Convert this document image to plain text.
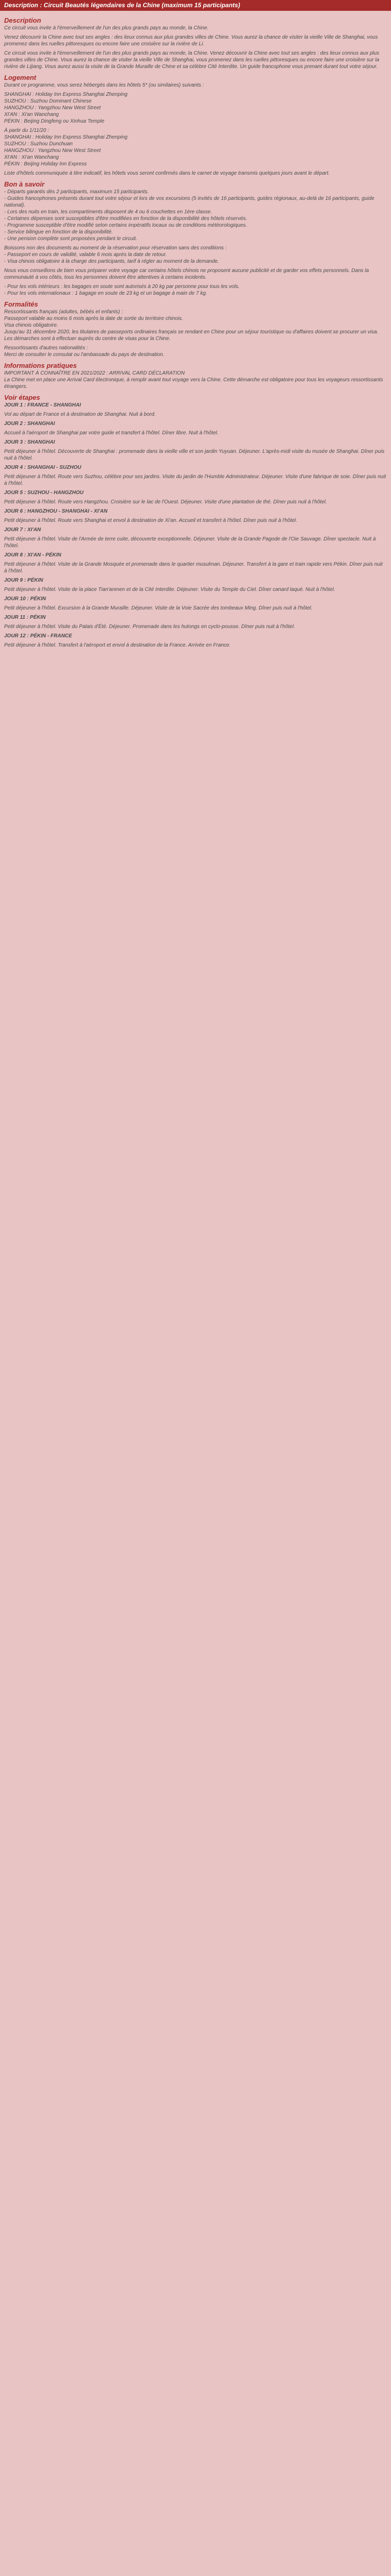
Description : Circuit Beautés légendaires de la Chine (maximum 15 participants)
Description

Ce circuit vous invite à l'émerveillement de l'un des plus grands pays au monde, la Chine.

Venez découvrir la Chine avec tout ses angles : des lieux connus aux plus grandes villes de Chine. Vous aurez la chance de visiter la vieille Ville de Shanghai, vous promenez dans les ruelles pittoresques ou encore faire une croisière sur la rivière de Li.

Ce circuit vous invite à l'émerveillement de l'un des plus grands pays au monde, la Chine. Venez découvrir la Chine avec tout ses angles : des lieux connus aux plus grandes villes de Chine. Vous aurez la chance de visiter la vieille Ville de Shanghai, vous promenez dans les ruelles pittoresques ou encore faire une croisière sur la rivière de Lijiang. Vous aurez aussi la visite de la Grande Muraille de Chine et sa célèbre Cité Interdite. Un guide francophone vous prenant durant tout votre séjour.

Logement

Durant ce programme, vous serez hébergés dans les hôtels 5* (ou similaires) suivants :

SHANGHAI : Holiday Inn Express Shanghai Zhenping
SUZHOU : Suzhou Dominant Chinese
HANGZHOU : Yangzhou New West Street
XI'AN : Xi'an Wanchang
PÉKIN : Beijing Dingfeng ou Xinhua Temple

À partir du 1/11/20 :
SHANGHAI : Holiday Inn Express Shanghai Zhenping
SUZHOU : Suzhou Dunchuan
HANGZHOU : Yangzhou New West Street
XI'AN : Xi'an Wanchang
PÉKIN : Beijing Holiday Inn Express

Liste d'hôtels communiquée à titre indicatif, les hôtels vous seront confirmés dans le carnet de voyage transmis quelques jours avant le départ.

Bon à savoir

- Départs garantis dès 2 participants, maximum 15 participants.
- Guides francophones présents durant tout votre séjour et lors de vos excursions (5 invités de 16 participants, guides régionaux, au-delà de 16 participants, guide national).
- Lors des nuits en train, les compartiments disposent de 4 ou 6 couchettes en 1ère classe.
- Certaines dépenses sont susceptibles d'être modifiées en fonction de la disponibilité des hôtels réservés.
- Programme susceptible d'être modifié selon certains impératifs locaux ou de conditions météorologiques.
- Service bilingue en fonction de la disponibilité.
- Une pension complète sont proposées pendant le circuit.

Boissons non des documents au moment de la réservation pour réservation sans des conditions :
- Passeport en cours de validité, valable 6 mois après la date de retour.
- Visa chinois obligatoire à la charge des participants, tarif à régler au moment de la demande.

Nous vous conseillons de bien vous préparer votre voyage car certains hôtels chinois ne proposent aucune publicité et de garder vos effets personnels. Dans la communauté à vos côtés, tous les personnes doivent être attentives à certains incidents.

- Pour les vols intérieurs : les bagages en soute sont autorisés à 20 kg par personne pour tous les vols.
- Pour les vols internationaux : 1 bagage en soute de 23 kg et un bagage à main de 7 kg.

Formalités

Ressortissants français (adultes, bébés et enfants) :
Passeport valable au moins 6 mois après la date de sortie du territoire chinois.
Visa chinois obligatoire.
Jusqu'au 31 décembre 2020, les titulaires de passeports ordinaires français se rendant en Chine pour un séjour touristique ou d'affaires doivent se procurer un visa. Les démarches sont à effectuer auprès du centre de visas pour la Chine.

Ressortissants d'autres nationalités :
Merci de consulter le consulat ou l'ambassade du pays de destination.

Informations pratiques

IMPORTANT À CONNAÎTRE EN 2021/2022 : ARRIVAL CARD DÉCLARATION
La Chine met en place une Arrival Card électronique, à remplir avant tout voyage vers la Chine. Cette démarche est obligatoire pour tous les voyageurs ressortissants étrangers.

Voir étapes

JOUR 1 : FRANCE - SHANGHAI

Vol au départ de France et à destination de Shanghai. Nuit à bord.

JOUR 2 : SHANGHAI

Accueil à l'aéroport de Shanghai par votre guide et transfert à l'hôtel. Dîner libre. Nuit à l'hôtel.

JOUR 3 : SHANGHAI

Petit déjeuner à l'hôtel. Découverte de Shanghai : promenade dans la vieille ville et son jardin Yuyuan. Déjeuner. L'après-midi visite du musée de Shanghai. Dîner puis nuit à l'hôtel.

JOUR 4 : SHANGHAI - SUZHOU

Petit déjeuner à l'hôtel. Route vers Suzhou, célèbre pour ses jardins. Visite du jardin de l'Humble Administrateur. Déjeuner. Visite d'une fabrique de soie. Dîner puis nuit à l'hôtel.

JOUR 5 : SUZHOU - HANGZHOU

Petit déjeuner à l'hôtel. Route vers Hangzhou. Croisière sur le lac de l'Ouest. Déjeuner. Visite d'une plantation de thé. Dîner puis nuit à l'hôtel.

JOUR 6 : HANGZHOU - SHANGHAI - XI'AN

Petit déjeuner à l'hôtel. Route vers Shanghai et envol à destination de Xi'an. Accueil et transfert à l'hôtel. Dîner puis nuit à l'hôtel.

JOUR 7 : XI'AN

Petit déjeuner à l'hôtel. Visite de l'Armée de terre cuite, découverte exceptionnelle. Déjeuner. Visite de la Grande Pagode de l'Oie Sauvage. Dîner spectacle. Nuit à l'hôtel.

JOUR 8 : XI'AN - PÉKIN

Petit déjeuner à l'hôtel. Visite de la Grande Mosquée et promenade dans le quartier musulman. Déjeuner. Transfert à la gare et train rapide vers Pékin. Dîner puis nuit à l'hôtel.

JOUR 9 : PÉKIN

Petit déjeuner à l'hôtel. Visite de la place Tian'anmen et de la Cité Interdite. Déjeuner. Visite du Temple du Ciel. Dîner canard laqué. Nuit à l'hôtel.

JOUR 10 : PÉKIN

Petit déjeuner à l'hôtel. Excursion à la Grande Muraille. Déjeuner. Visite de la Voie Sacrée des tombeaux Ming. Dîner puis nuit à l'hôtel.

JOUR 11 : PÉKIN

Petit déjeuner à l'hôtel. Visite du Palais d'Été. Déjeuner. Promenade dans les hutongs en cyclo-pousse. Dîner puis nuit à l'hôtel.

JOUR 12 : PÉKIN - FRANCE

Petit déjeuner à l'hôtel. Transfert à l'aéroport et envol à destination de la France. Arrivée en France.
